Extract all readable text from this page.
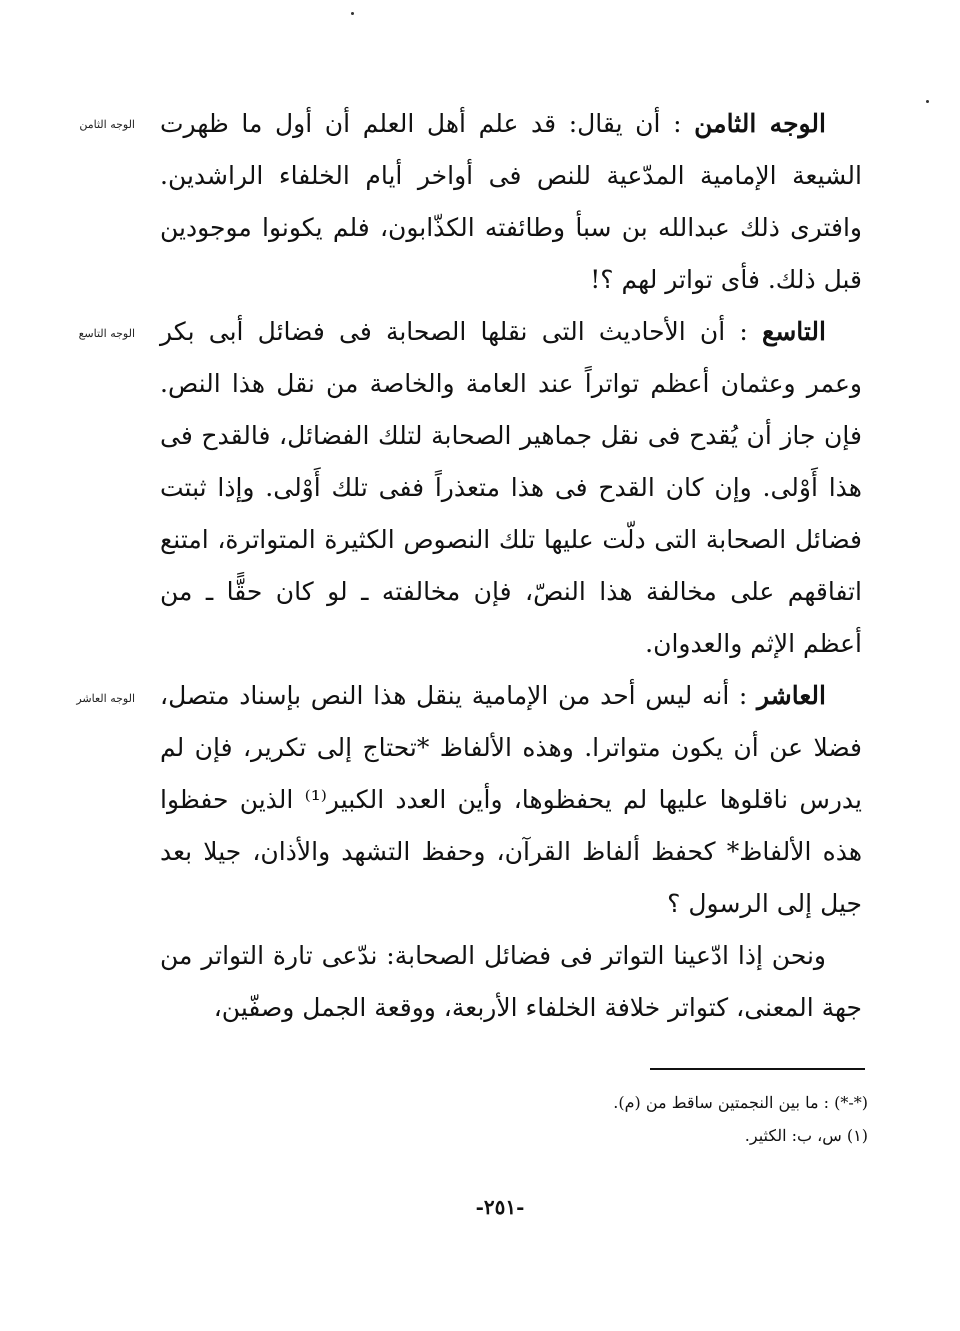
الوجه الثامن
الوجه التاسع
الوجه العاشر

الوجه الثامن : أن يقال: قد علم أهل العلم أن أول ما ظهرت الشيعة الإمامية المدّعية للنص فى أواخر أيام الخلفاء الراشدين. وافترى ذلك عبدالله بن سبأ وطائفته الكذّابون، فلم يكونوا موجودين قبل ذلك. فأى تواتر لهم ؟!

التاسع : أن الأحاديث التى نقلها الصحابة فى فضائل أبى بكر وعمر وعثمان أعظم تواتراً عند العامة والخاصة من نقل هذا النص. فإن جاز أن يُقدح فى نقل جماهير الصحابة لتلك الفضائل، فالقدح فى هذا أَوْلى. وإن كان القدح فى هذا متعذراً ففى تلك أَوْلى. وإذا ثبتت فضائل الصحابة التى دلّت عليها تلك النصوص الكثيرة المتواترة، امتنع اتفاقهم على مخالفة هذا النصّ، فإن مخالفته ـ لو كان حقًّا ـ من أعظم الإثم والعدوان.

العاشر : أنه ليس أحد من الإمامية ينقل هذا النص بإسناد متصل، فضلا عن أن يكون متواترا. وهذه الألفاظ *تحتاج إلى تكرير، فإن لم يدرس ناقلوها عليها لم يحفظوها، وأين العدد الكبير⁽¹⁾ الذين حفظوا هذه الألفاظ* كحفظ ألفاظ القرآن، وحفظ التشهد والأذان، جيلا بعد جيل إلى الرسول ؟

ونحن إذا ادّعينا التواتر فى فضائل الصحابة: ندّعى تارة التواتر من جهة المعنى، كتواتر خلافة الخلفاء الأربعة، ووقعة الجمل وصفّين،

(*-*) : ما بين النجمتين ساقط من (م).

(١) س، ب: الكثير.

-٢٥١-
